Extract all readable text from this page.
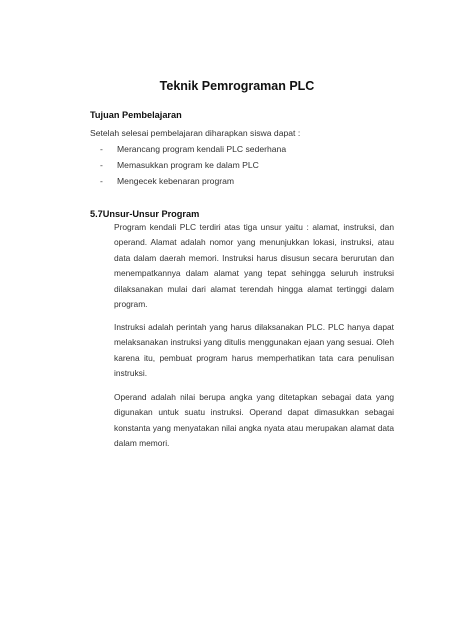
Teknik Pemrograman PLC
Tujuan Pembelajaran
Setelah selesai pembelajaran diharapkan siswa dapat :
- Merancang program kendali PLC sederhana
- Memasukkan program ke dalam PLC
- Mengecek kebenaran program
5.7Unsur-Unsur Program

Program kendali PLC terdiri atas tiga unsur yaitu : alamat, instruksi, dan operand. Alamat adalah nomor yang menunjukkan lokasi, instruksi, atau data dalam daerah memori. Instruksi harus disusun secara berurutan dan menempatkannya dalam alamat yang tepat sehingga seluruh instruksi dilaksanakan mulai dari alamat terendah hingga alamat tertinggi dalam program.

Instruksi adalah perintah yang harus dilaksanakan PLC. PLC hanya dapat melaksanakan instruksi yang ditulis menggunakan ejaan yang sesuai. Oleh karena itu, pembuat program harus memperhatikan tata cara penulisan instruksi.

Operand adalah nilai berupa angka yang ditetapkan sebagai data yang digunakan untuk suatu instruksi. Operand dapat dimasukkan sebagai konstanta yang menyatakan nilai angka nyata atau merupakan alamat data dalam memori.
